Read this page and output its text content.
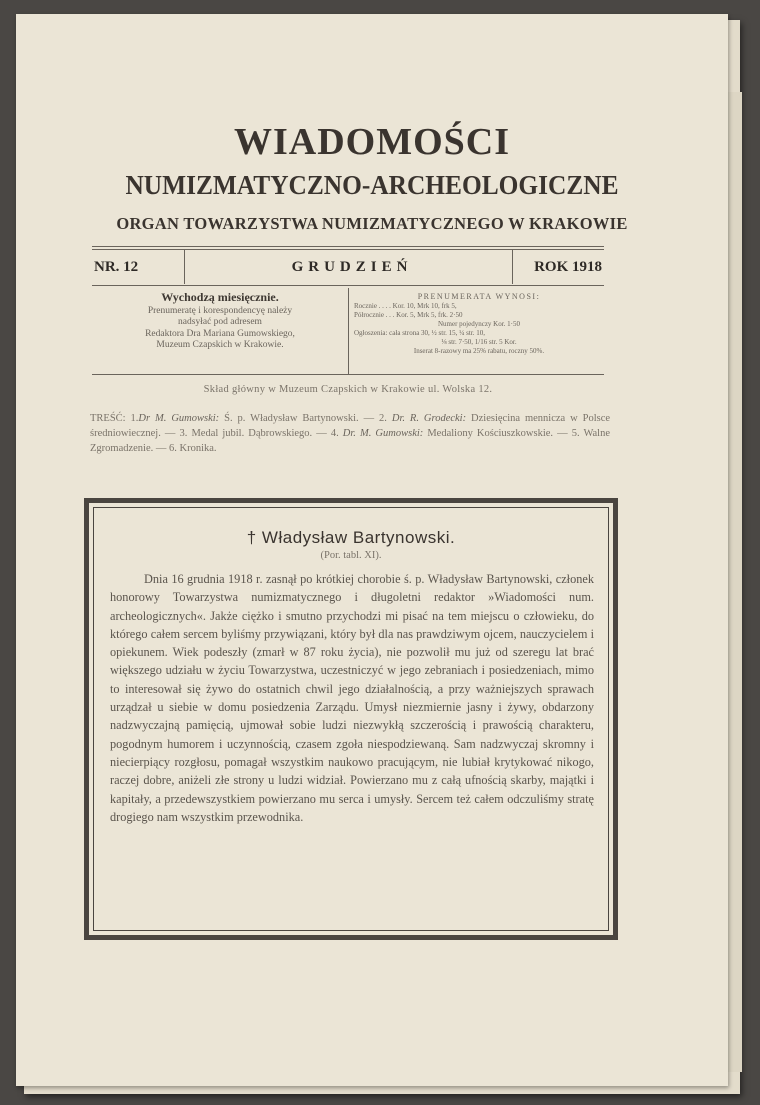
WIADOMOŚCI
NUMIZMATYCZNO-ARCHEOLOGICZNE
ORGAN TOWARZYSTWA NUMIZMATYCZNEGO W KRAKOWIE
NR. 12	GRUDZIEŃ	ROK 1918
Wychodzą miesięcznie.
Prenumeratę i korespondencyę należy
nadsyłać pod adresem
Redaktora Dra Mariana Gumowskiego,
Muzeum Czapskich w Krakowie.
PRENUMERATA WYNOSI:
Rocznie . . . . Kor. 10, Mrk 10, frk 5,
Półrocznie . . . Kor. 5, Mrk 5, frk. 2·50
Numer pojedynczy Kor. 1·50
Ogłoszenia: cała strona 30, ½ str. 15, ¼ str. 10,
⅛ str. 7·50, 1/16 str. 5 Kor.
Inserat 8-razowy ma 25% rabatu, roczny 50%.
Skład główny w Muzeum Czapskich w Krakowie ul. Wolska 12.
TREŚĆ: 1.Dr M. Gumowski: Ś. p. Władysław Bartynowski. — 2. Dr. R. Grodecki: Dziesięcina mennicza w Polsce średniowiecznej. — 3. Medal jubil. Dąbrowskiego. — 4. Dr. M. Gumowski: Medaliony Kościuszkowskie. — 5. Walne Zgromadzenie. — 6. Kronika.
† Władysław Bartynowski.
(Por. tabl. XI).
Dnia 16 grudnia 1918 r. zasnął po krótkiej chorobie ś. p. Władysław Bartynowski, członek honorowy Towarzystwa numizmatycznego i długoletni redaktor »Wiadomości num. archeologicznych«. Jakże ciężko i smutno przychodzi mi pisać na tem miejscu o człowieku, do którego całem sercem byliśmy przywiązani, który był dla nas prawdziwym ojcem, nauczycielem i opiekunem. Wiek podeszły (zmarł w 87 roku życia), nie pozwolił mu już od szeregu lat brać większego udziału w życiu Towarzystwa, uczestniczyć w jego zebraniach i posiedzeniach, mimo to interesował się żywo do ostatnich chwil jego działalnością, a przy ważniejszych sprawach urządzał u siebie w domu posiedzenia Zarządu. Umysł niezmiernie jasny i żywy, obdarzony nadzwyczajną pamięcią, ujmował sobie ludzi niezwykłą szczerością i prawością charakteru, pogodnym humorem i uczynnością, czasem zgoła niespodziewaną. Sam nadzwyczaj skromny i niecierpiący rozgłosu, pomagał wszystkim naukowo pracującym, nie lubiał krytykować nikogo, raczej dobre, aniżeli złe strony u ludzi widział. Powierzano mu z całą ufnością skarby, majątki i kapitały, a przedewszystkiem powierzano mu serca i umysły. Sercem też całem odczuliśmy stratę drogiego nam wszystkim przewodnika.
